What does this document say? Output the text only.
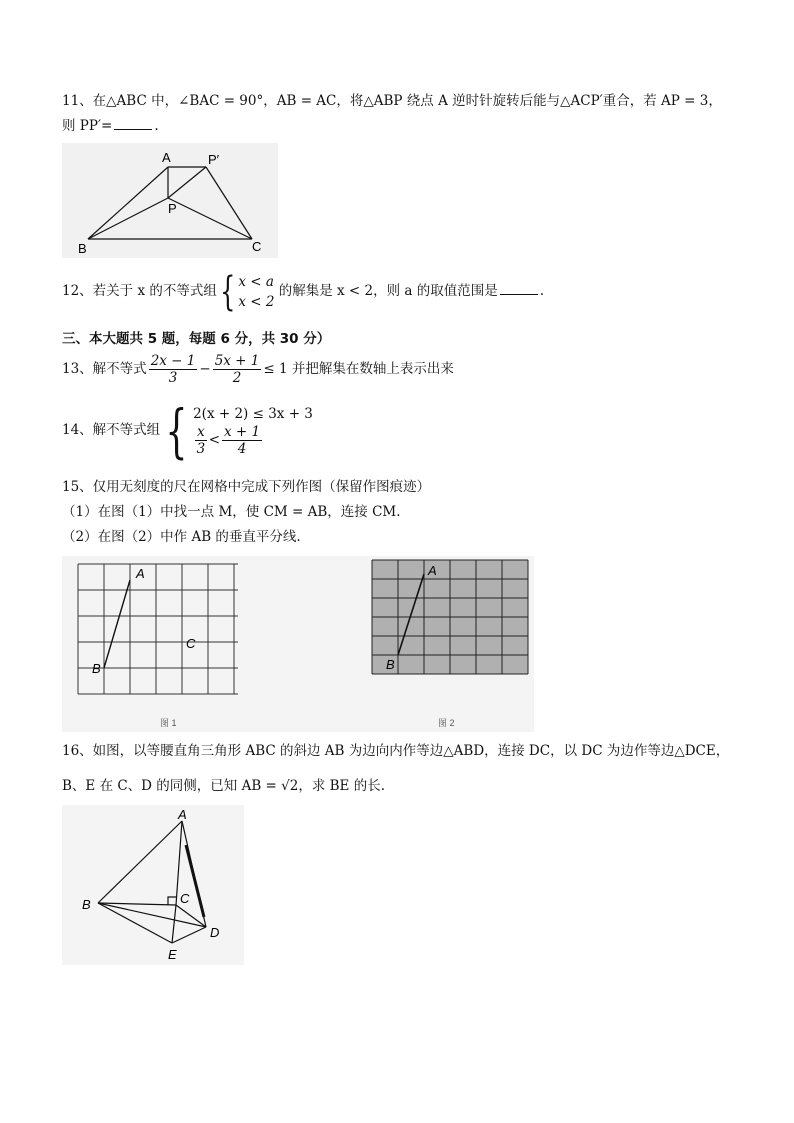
11、在△ABC 中，∠BAC = 90°，AB = AC，将△ABP 绕点 A 逆时针旋转后能与△ACP′重合，若 AP = 3，
则 PP′=	.
A	P′
P
B	C
12、若关于 x 的不等式组{ x < a
x < 2
的解集是 x < 2，则 a 的取值范围是	.
三、本大题共 5 题，每题 6 分，共 30 分）
13、解不等式 $\frac{2x - 1}{3} - \frac{5x + 1}{2} \le 1$ 并把解集在数轴上表示出来
14、解不等式组{ 2(x + 2) ≤ 3x + 3
$\frac{x}{3} < \frac{x + 1}{4}$
15、仅用无刻度的尺在网格中完成下列作图（保留作图痕迹）
（1）在图（1）中找一点 M，使 CM = AB，连接 CM.
（2）在图（2）中作 AB 的垂直平分线.
A
B
C
图 1
A
B
图 2
16、如图，以等腰直角三角形 ABC 的斜边 AB 为边向内作等边△ABD，连接 DC，以 DC 为边作等边△DCE，
B、E 在 C、D 的同侧，已知 AB = √2，求 BE 的长.
A
B	C
D
E
